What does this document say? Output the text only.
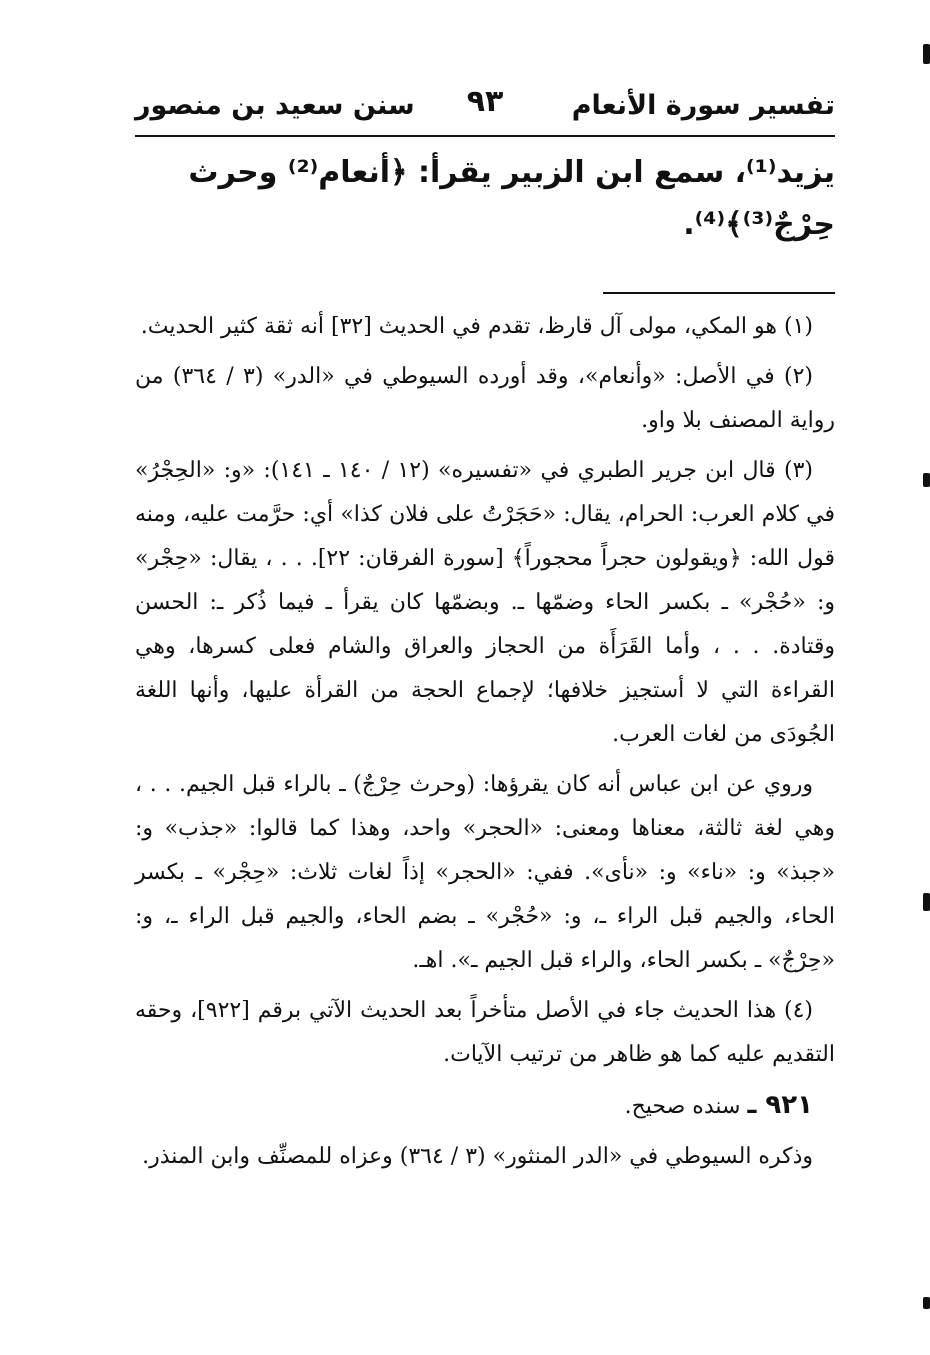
تفسير سورة الأنعام
٩٣
سنن سعيد بن منصور
يزيد⁽¹⁾، سمع ابن الزبير يقرأ: ﴿أنعام⁽²⁾ وحرث حِرْجٌ⁽³⁾﴾⁽⁴⁾.

(١) هو المكي، مولى آل قارظ، تقدم في الحديث [٣٢] أنه ثقة كثير الحديث.

(٢) في الأصل: «وأنعام»، وقد أورده السيوطي في «الدر» (٣ / ٣٦٤) من رواية المصنف بلا واو.

(٣) قال ابن جرير الطبري في «تفسيره» (١٢ / ١٤٠ ـ ١٤١): «و: «الحِجْرُ» في كلام العرب: الحرام، يقال: «حَجَرْتُ على فلان كذا» أي: حرَّمت عليه، ومنه قول الله: ﴿ويقولون حجراً محجوراً﴾ [سورة الفرقان: ٢٢]. . . ، يقال: «حِجْر» و: «حُجْر» ـ بكسر الحاء وضمّها ـ. وبضمّها كان يقرأ ـ فيما ذُكر ـ: الحسن وقتادة. . . ، وأما القَرَأَة من الحجاز والعراق والشام فعلى كسرها، وهي القراءة التي لا أستجيز خلافها؛ لإجماع الحجة من القرأة عليها، وأنها اللغة الجُودَى من لغات العرب.

وروي عن ابن عباس أنه كان يقرؤها: (وحرث حِرْجٌ) ـ بالراء قبل الجيم. . . ، وهي لغة ثالثة، معناها ومعنى: «الحجر» واحد، وهذا كما قالوا: «جذب» و: «جبذ» و: «ناء» و: «نأى». ففي: «الحجر» إذاً لغات ثلاث: «حِجْر» ـ بكسر الحاء، والجيم قبل الراء ـ، و: «حُجْر» ـ بضم الحاء، والجيم قبل الراء ـ، و: «حِرْجٌ» ـ بكسر الحاء، والراء قبل الجيم ـ». اهـ.

(٤) هذا الحديث جاء في الأصل متأخراً بعد الحديث الآتي برقم [٩٢٢]، وحقه التقديم عليه كما هو ظاهر من ترتيب الآيات.

٩٢١ ـ سنده صحيح.

وذكره السيوطي في «الدر المنثور» (٣ / ٣٦٤) وعزاه للمصنِّف وابن المنذر.
